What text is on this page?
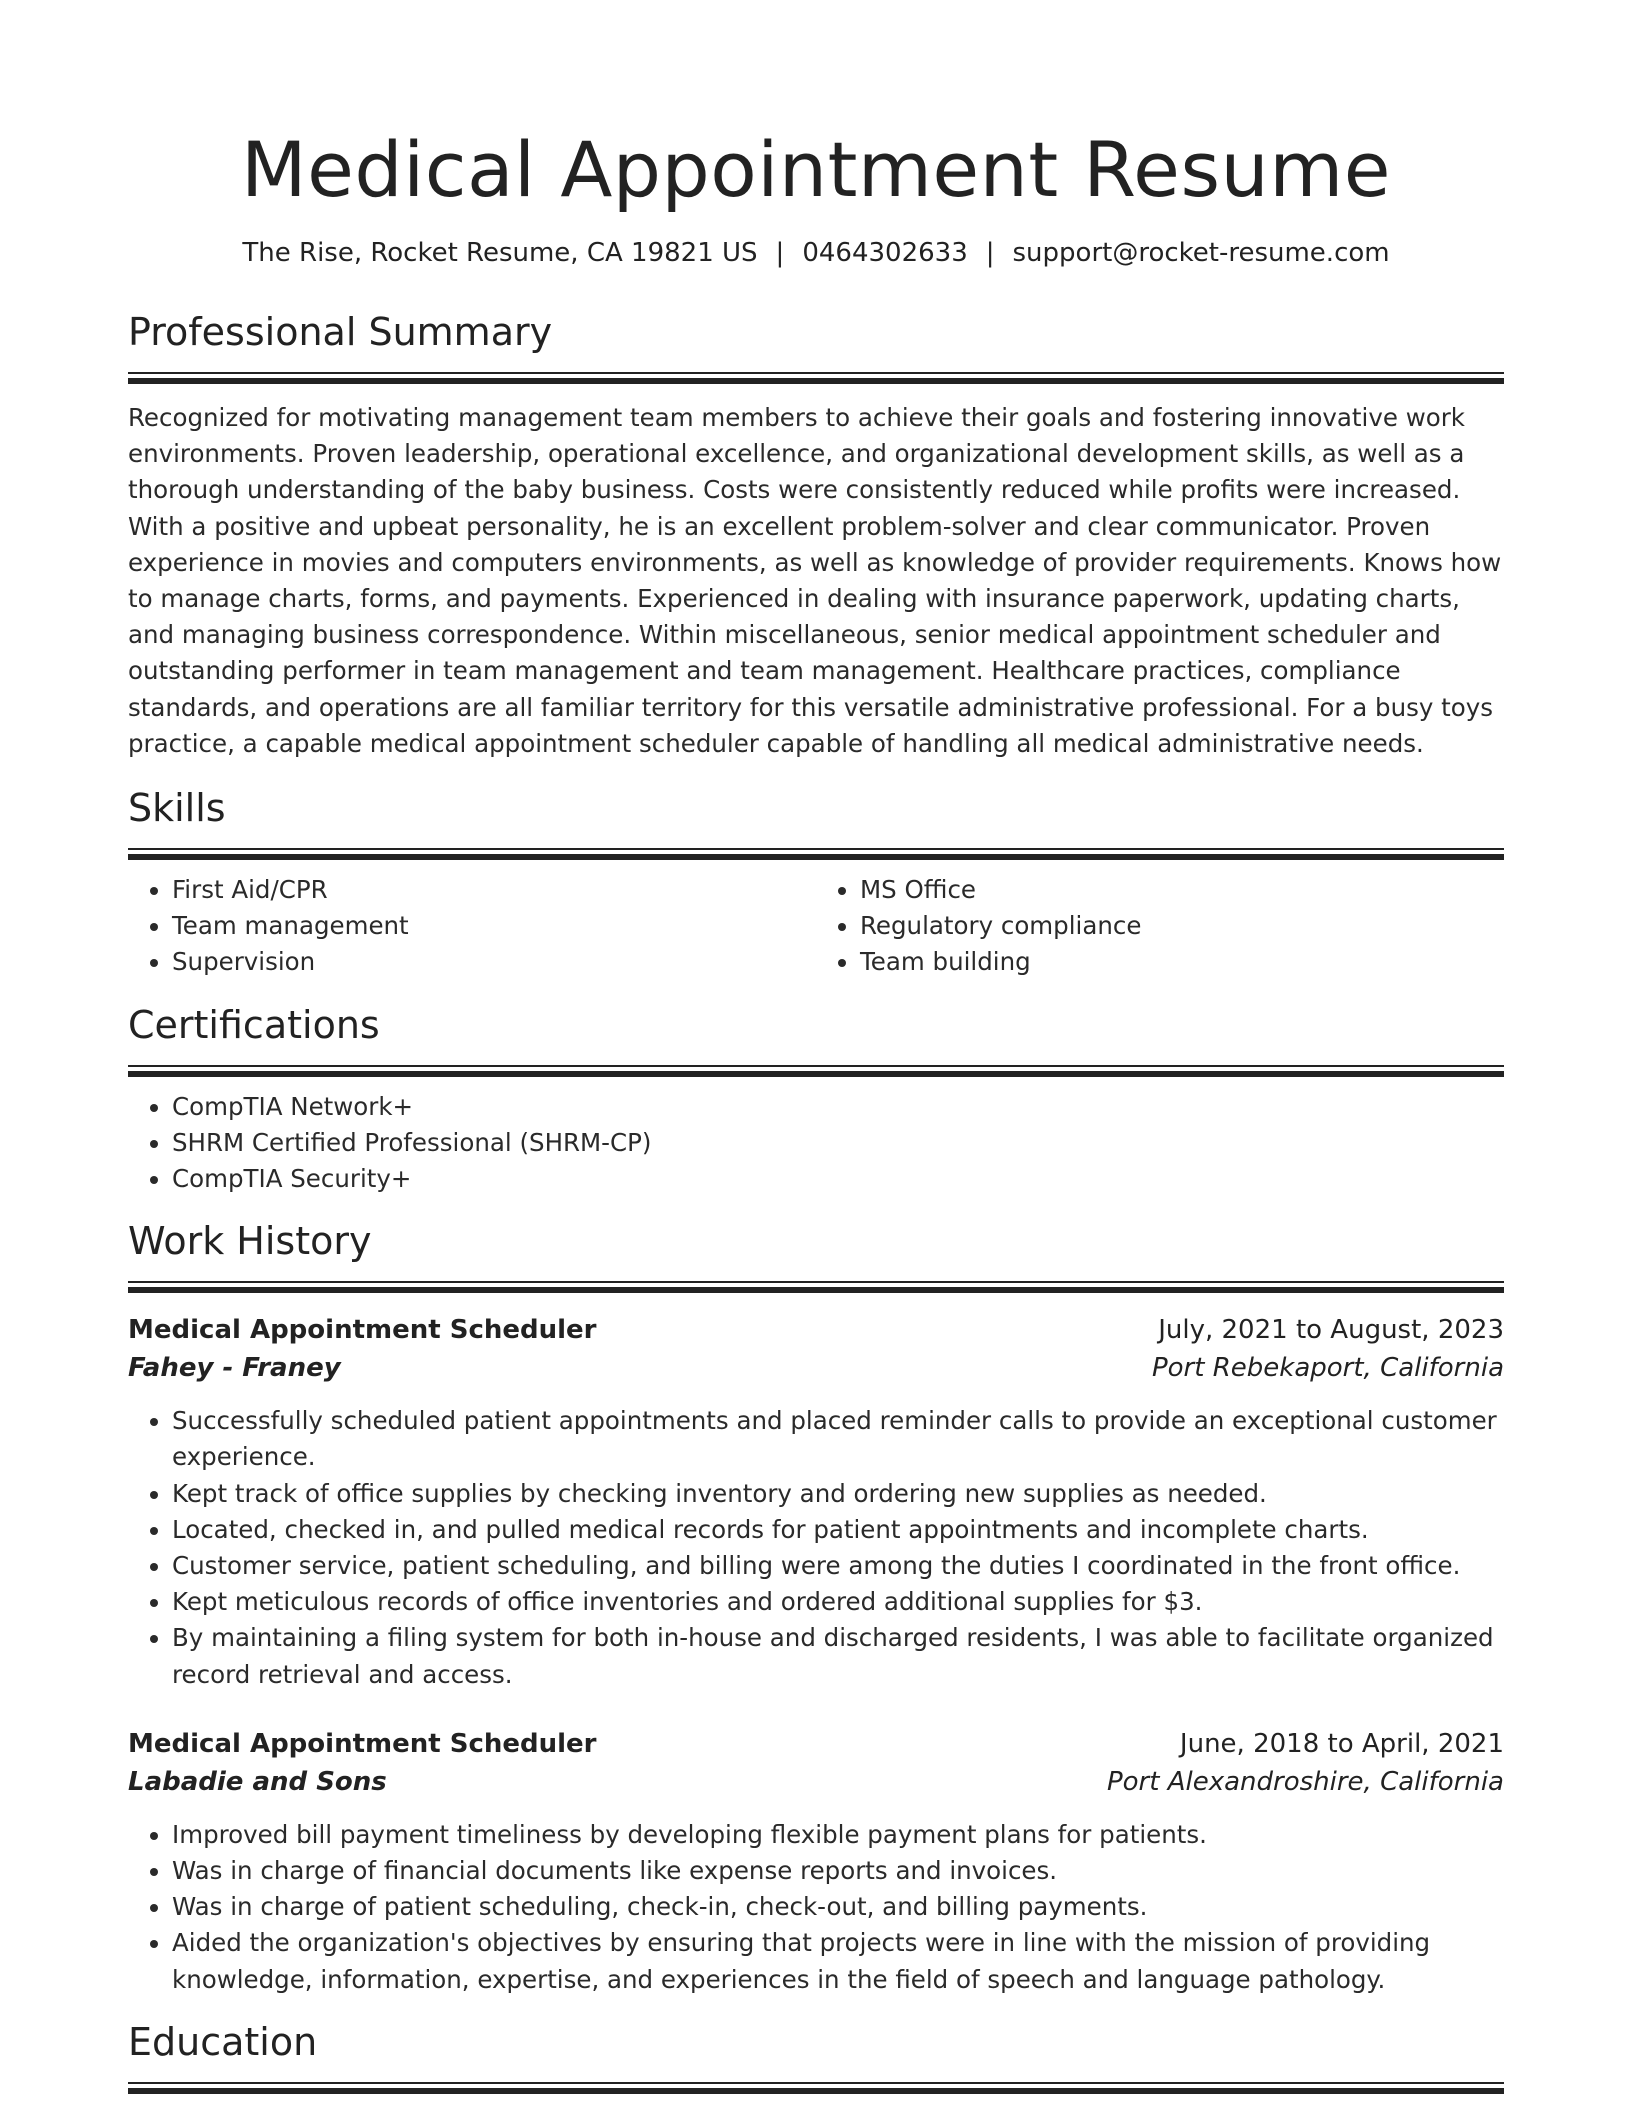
Medical Appointment Resume
The Rise, Rocket Resume, CA 19821 US | 0464302633 | support@rocket-resume.com
Professional Summary

Recognized for motivating management team members to achieve their goals and fostering innovative work environments. Proven leadership, operational excellence, and organizational development skills, as well as a thorough understanding of the baby business. Costs were consistently reduced while profits were increased. With a positive and upbeat personality, he is an excellent problem-solver and clear communicator. Proven experience in movies and computers environments, as well as knowledge of provider requirements. Knows how to manage charts, forms, and payments. Experienced in dealing with insurance paperwork, updating charts, and managing business correspondence. Within miscellaneous, senior medical appointment scheduler and outstanding performer in team management and team management. Healthcare practices, compliance standards, and operations are all familiar territory for this versatile administrative professional. For a busy toys practice, a capable medical appointment scheduler capable of handling all medical administrative needs.

Skills
• First Aid/CPR
• Team management
• Supervision
• MS Office
• Regulatory compliance
• Team building
Certifications
• CompTIA Network+
• SHRM Certified Professional (SHRM-CP)
• CompTIA Security+
Work History
Medical Appointment Scheduler	July, 2021 to August, 2023
Fahey - Franey	Port Rebekaport, California
• Successfully scheduled patient appointments and placed reminder calls to provide an exceptional customer experience.
• Kept track of office supplies by checking inventory and ordering new supplies as needed.
• Located, checked in, and pulled medical records for patient appointments and incomplete charts.
• Customer service, patient scheduling, and billing were among the duties I coordinated in the front office.
• Kept meticulous records of office inventories and ordered additional supplies for $3.
• By maintaining a filing system for both in-house and discharged residents, I was able to facilitate organized record retrieval and access.
Medical Appointment Scheduler	June, 2018 to April, 2021
Labadie and Sons	Port Alexandroshire, California
• Improved bill payment timeliness by developing flexible payment plans for patients.
• Was in charge of financial documents like expense reports and invoices.
• Was in charge of patient scheduling, check-in, check-out, and billing payments.
• Aided the organization's objectives by ensuring that projects were in line with the mission of providing knowledge, information, expertise, and experiences in the field of speech and language pathology.
Education
